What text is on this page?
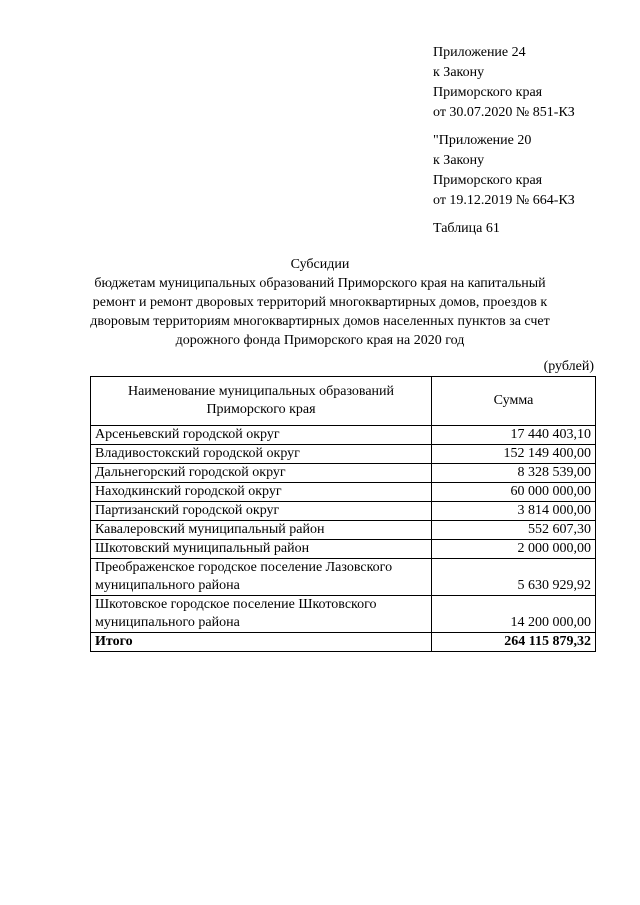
Приложение 24
к Закону
Приморского края
от 30.07.2020 № 851-КЗ
"Приложение 20
к Закону
Приморского края
от 19.12.2019 № 664-КЗ
Таблица 61
Субсидии
бюджетам муниципальных образований Приморского края на капитальный
ремонт и ремонт дворовых территорий многоквартирных домов, проездов к
дворовым территориям многоквартирных домов населенных пунктов за счет
дорожного фонда Приморского края на 2020 год
(рублей)
Наименование муниципальных образований
Приморского края	Сумма

Арсеньевский городской округ	17 440 403,10

Владивостокский городской округ	152 149 400,00

Дальнегорский городской округ	8 328 539,00

Находкинский городской округ	60 000 000,00

Партизанский городской округ	3 814 000,00

Кавалеровский муниципальный район	552 607,30

Шкотовский муниципальный район	2 000 000,00

Преображенское городское поселение Лазовского
муниципального района	5 630 929,92

Шкотовское городское поселение Шкотовского
муниципального района	14 200 000,00
Итого	264 115 879,32
